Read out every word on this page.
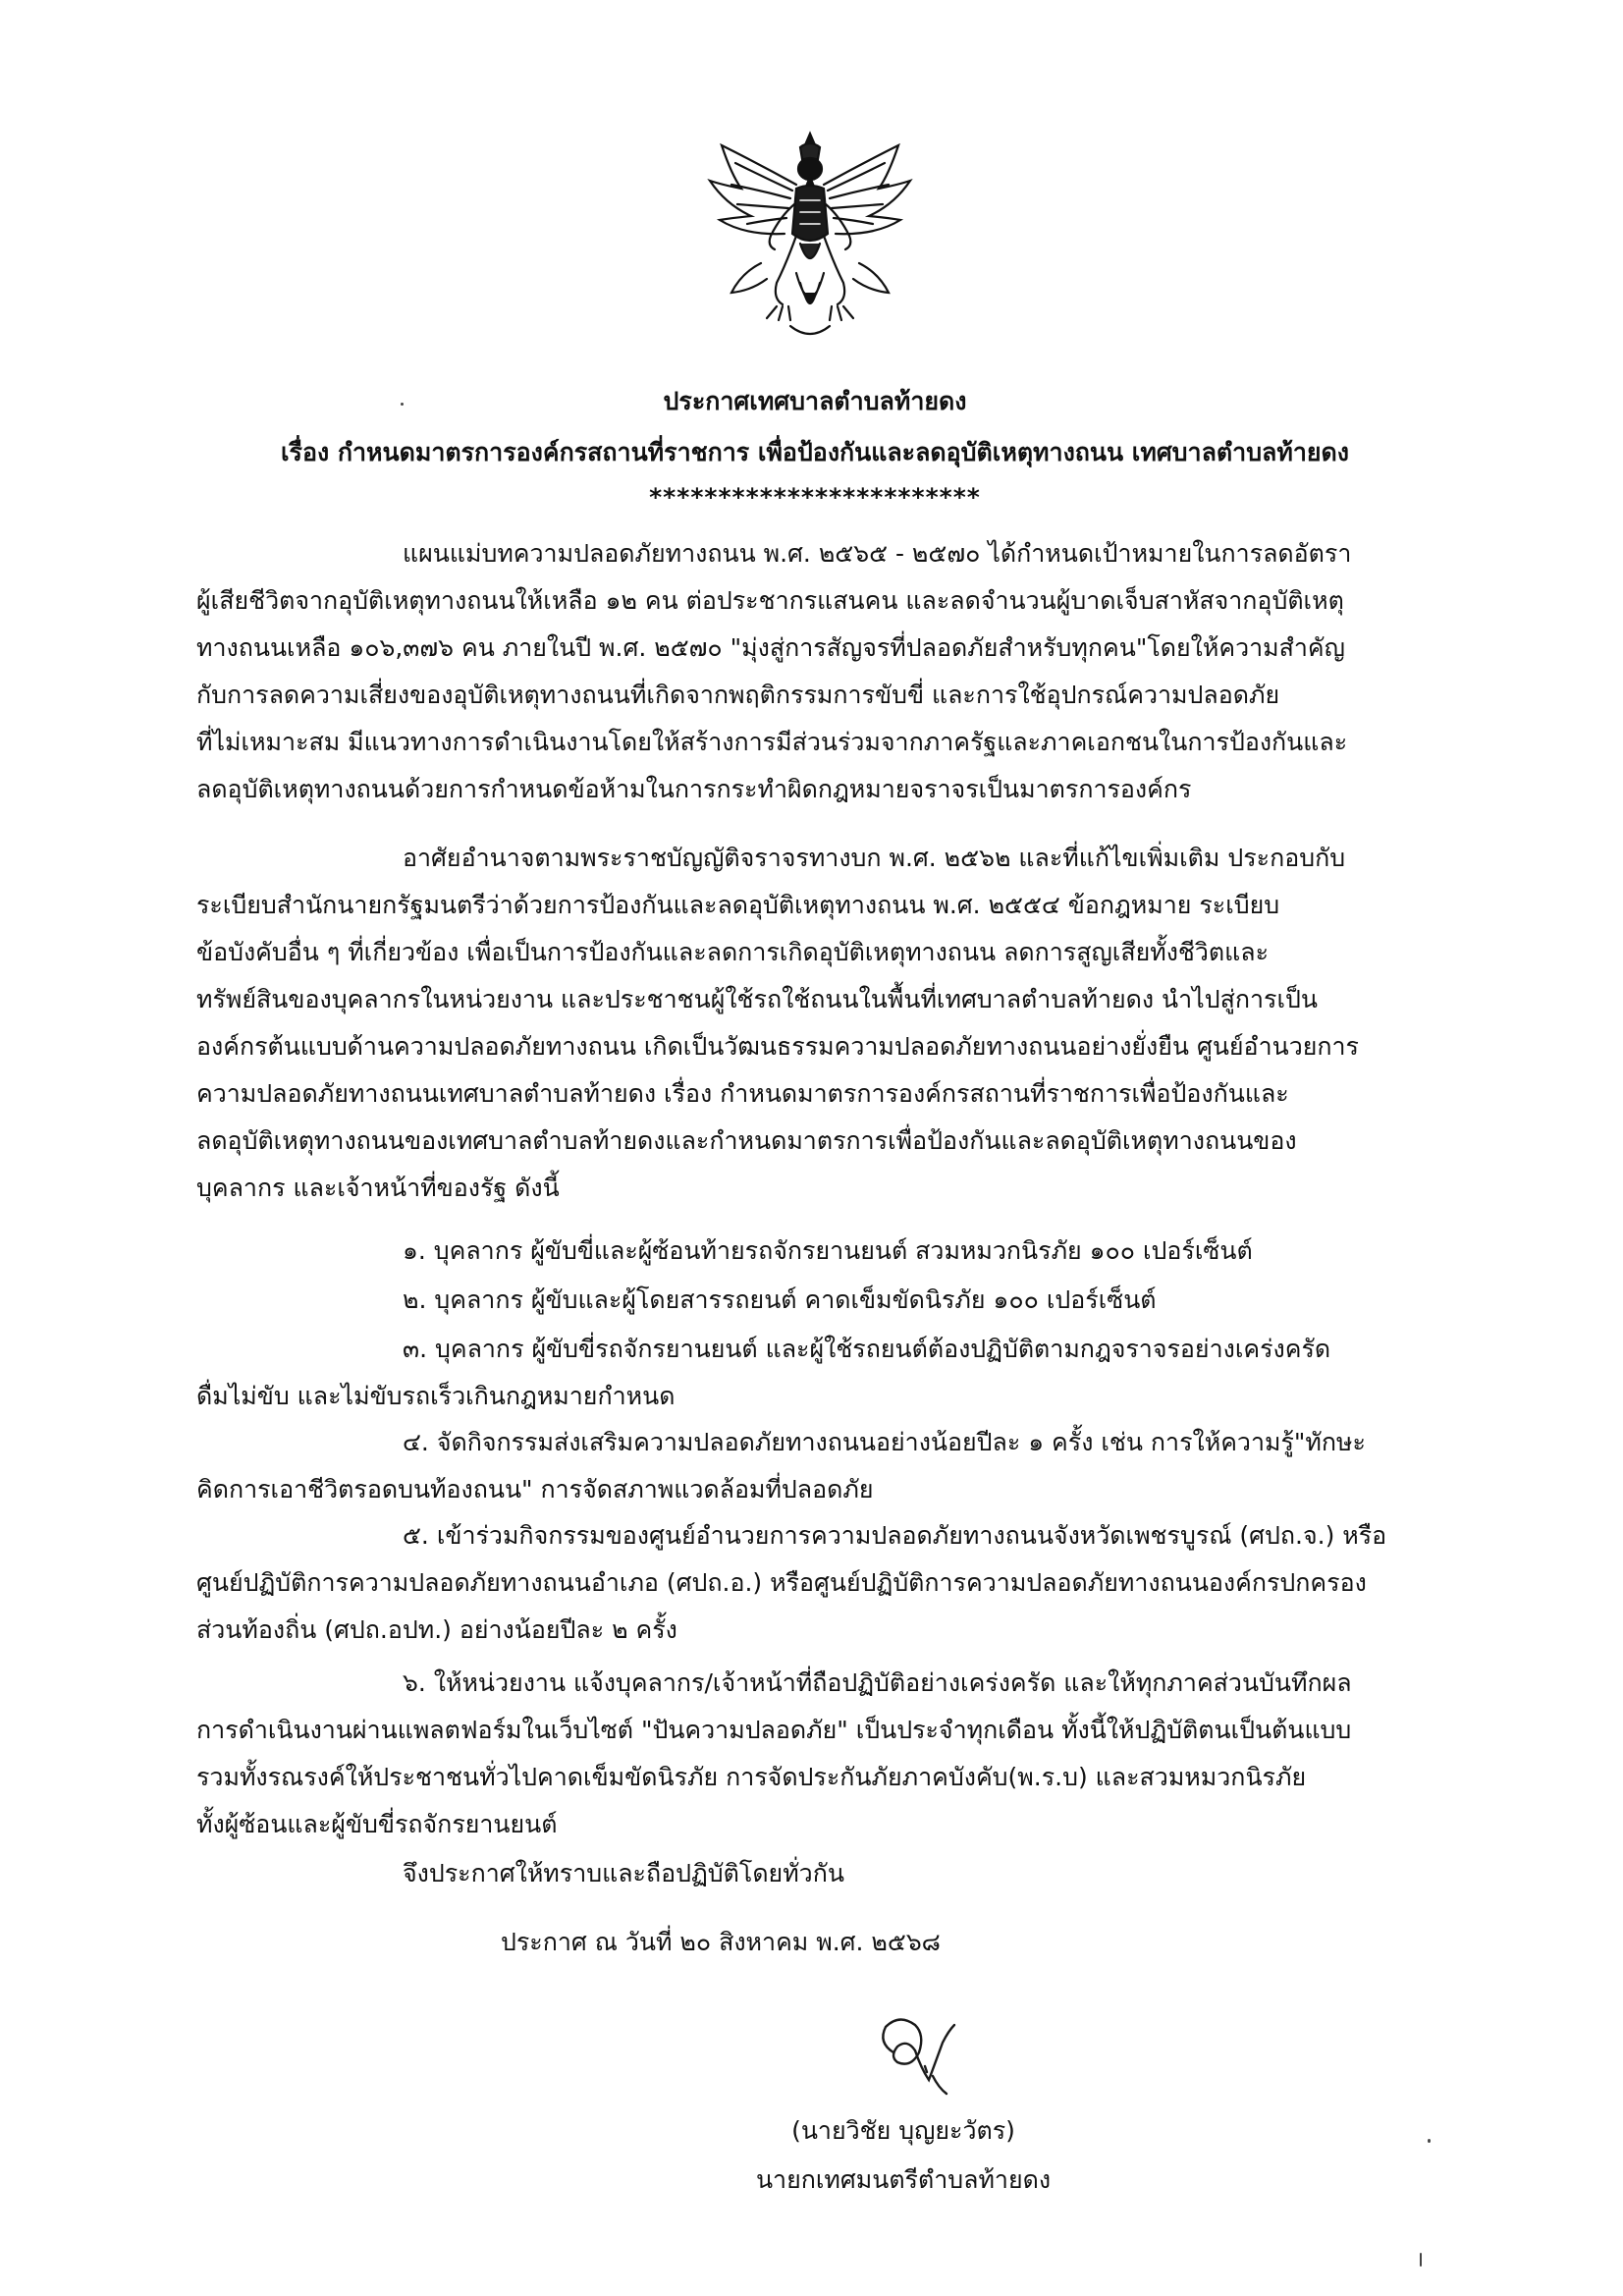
ประกาศเทศบาลตำบลท้ายดง
เรื่อง กำหนดมาตรการองค์กรสถานที่ราชการ เพื่อป้องกันและลดอุบัติเหตุทางถนน เทศบาลตำบลท้ายดง
************************
แผนแม่บทความปลอดภัยทางถนน พ.ศ. ๒๕๖๕ - ๒๕๗๐ ได้กำหนดเป้าหมายในการลดอัตรา
ผู้เสียชีวิตจากอุบัติเหตุทางถนนให้เหลือ ๑๒ คน ต่อประชากรแสนคน และลดจำนวนผู้บาดเจ็บสาหัสจากอุบัติเหตุ
ทางถนนเหลือ ๑๐๖,๓๗๖ คน ภายในปี พ.ศ. ๒๕๗๐ "มุ่งสู่การสัญจรที่ปลอดภัยสำหรับทุกคน"โดยให้ความสำคัญ
กับการลดความเสี่ยงของอุบัติเหตุทางถนนที่เกิดจากพฤติกรรมการขับขี่ และการใช้อุปกรณ์ความปลอดภัย
ที่ไม่เหมาะสม มีแนวทางการดำเนินงานโดยให้สร้างการมีส่วนร่วมจากภาครัฐและภาคเอกชนในการป้องกันและ
ลดอุบัติเหตุทางถนนด้วยการกำหนดข้อห้ามในการกระทำผิดกฎหมายจราจรเป็นมาตรการองค์กร
อาศัยอำนาจตามพระราชบัญญัติจราจรทางบก พ.ศ. ๒๕๖๒ และที่แก้ไขเพิ่มเติม ประกอบกับ
ระเบียบสำนักนายกรัฐมนตรีว่าด้วยการป้องกันและลดอุบัติเหตุทางถนน พ.ศ. ๒๕๕๔ ข้อกฎหมาย ระเบียบ
ข้อบังคับอื่น ๆ ที่เกี่ยวข้อง เพื่อเป็นการป้องกันและลดการเกิดอุบัติเหตุทางถนน ลดการสูญเสียทั้งชีวิตและ
ทรัพย์สินของบุคลากรในหน่วยงาน และประชาชนผู้ใช้รถใช้ถนนในพื้นที่เทศบาลตำบลท้ายดง นำไปสู่การเป็น
องค์กรต้นแบบด้านความปลอดภัยทางถนน เกิดเป็นวัฒนธรรมความปลอดภัยทางถนนอย่างยั่งยืน ศูนย์อำนวยการ
ความปลอดภัยทางถนนเทศบาลตำบลท้ายดง เรื่อง กำหนดมาตรการองค์กรสถานที่ราชการเพื่อป้องกันและ
ลดอุบัติเหตุทางถนนของเทศบาลตำบลท้ายดงและกำหนดมาตรการเพื่อป้องกันและลดอุบัติเหตุทางถนนของ
บุคลากร และเจ้าหน้าที่ของรัฐ ดังนี้
๑. บุคลากร ผู้ขับขี่และผู้ซ้อนท้ายรถจักรยานยนต์ สวมหมวกนิรภัย ๑๐๐ เปอร์เซ็นต์
๒. บุคลากร ผู้ขับและผู้โดยสารรถยนต์ คาดเข็มขัดนิรภัย ๑๐๐ เปอร์เซ็นต์
๓. บุคลากร ผู้ขับขี่รถจักรยานยนต์ และผู้ใช้รถยนต์ต้องปฏิบัติตามกฎจราจรอย่างเคร่งครัด
ดื่มไม่ขับ และไม่ขับรถเร็วเกินกฎหมายกำหนด
๔. จัดกิจกรรมส่งเสริมความปลอดภัยทางถนนอย่างน้อยปีละ ๑ ครั้ง เช่น การให้ความรู้"ทักษะ
คิดการเอาชีวิตรอดบนท้องถนน" การจัดสภาพแวดล้อมที่ปลอดภัย
๕. เข้าร่วมกิจกรรมของศูนย์อำนวยการความปลอดภัยทางถนนจังหวัดเพชรบูรณ์ (ศปถ.จ.) หรือ
ศูนย์ปฏิบัติการความปลอดภัยทางถนนอำเภอ (ศปถ.อ.) หรือศูนย์ปฏิบัติการความปลอดภัยทางถนนองค์กรปกครอง
ส่วนท้องถิ่น (ศปถ.อปท.) อย่างน้อยปีละ ๒ ครั้ง
๖. ให้หน่วยงาน แจ้งบุคลากร/เจ้าหน้าที่ถือปฏิบัติอย่างเคร่งครัด และให้ทุกภาคส่วนบันทึกผล
การดำเนินงานผ่านแพลตฟอร์มในเว็บไซต์ "ปันความปลอดภัย" เป็นประจำทุกเดือน ทั้งนี้ให้ปฏิบัติตนเป็นต้นแบบ
รวมทั้งรณรงค์ให้ประชาชนทั่วไปคาดเข็มขัดนิรภัย การจัดประกันภัยภาคบังคับ(พ.ร.บ) และสวมหมวกนิรภัย
ทั้งผู้ซ้อนและผู้ขับขี่รถจักรยานยนต์
จึงประกาศให้ทราบและถือปฏิบัติโดยทั่วกัน
ประกาศ ณ วันที่ ๒๐ สิงหาคม พ.ศ. ๒๕๖๘
(นายวิชัย บุญยะวัตร)
นายกเทศมนตรีตำบลท้ายดง
